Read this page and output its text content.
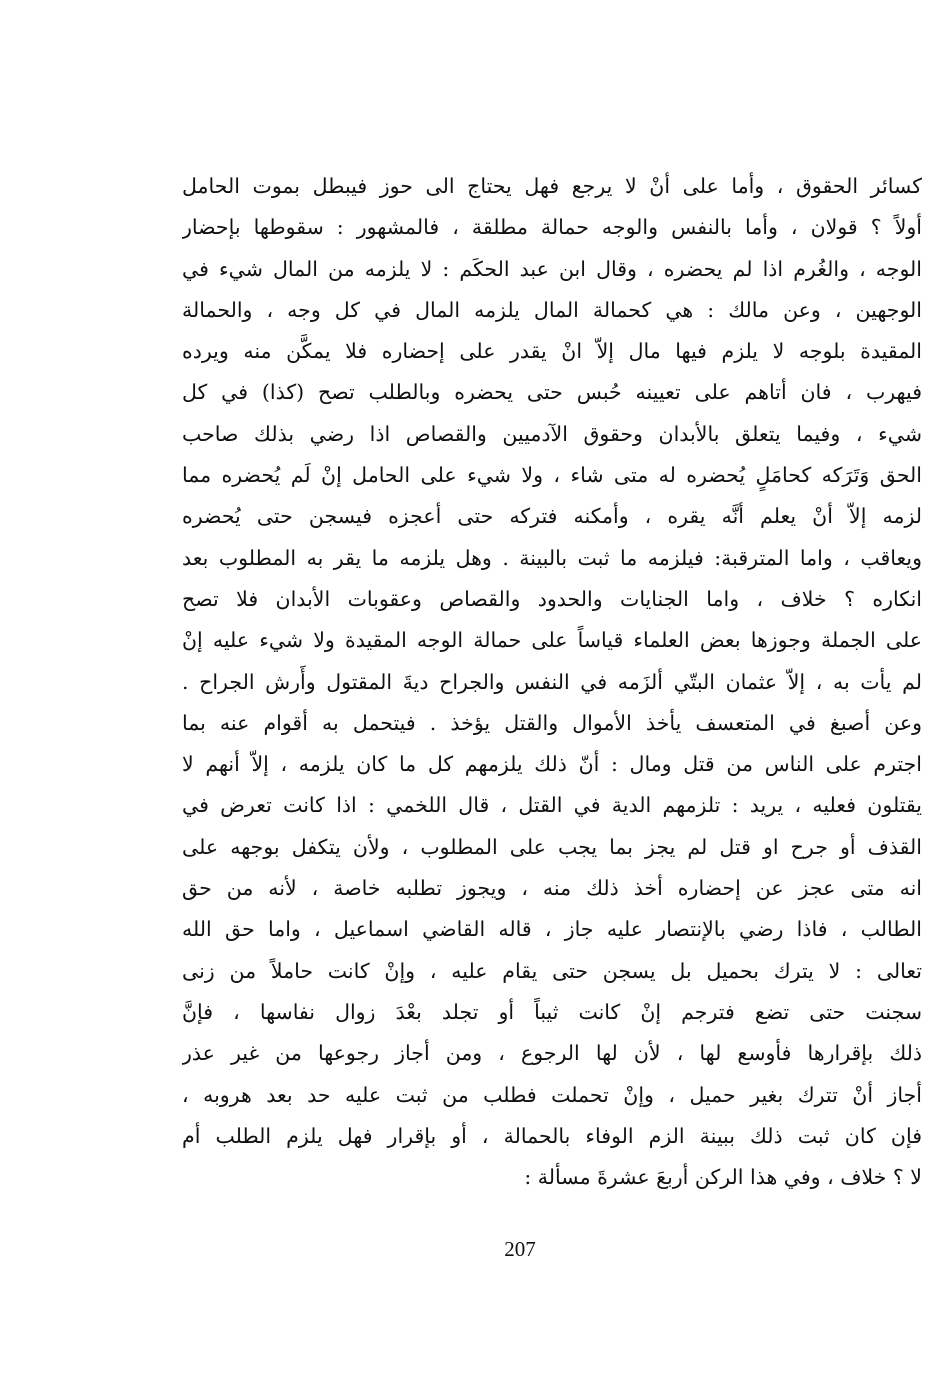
كسائر الحقوق ، وأما على أنْ لا يرجع فهل يحتاج الى حوز فيبطل بموت الحامل
أولاً ؟ قولان ، وأما بالنفس والوجه حمالة مطلقة ، فالمشهور : سقوطها بإحضار
الوجه ، والغُرم اذا لم يحضره ، وقال ابن عبد الحكَم : لا يلزمه من المال شيء في
الوجهين ، وعن مالك : هي كحمالة المال يلزمه المال في كل وجه ، والحمالة
المقيدة بلوجه لا يلزم فيها مال إلاّ انْ يقدر على إحضاره فلا يمكَّن منه ويرده
فيهرب ، فان أتاهم على تعيينه حُبس حتى يحضره وبالطلب تصح (كذا) في كل
شيء ، وفيما يتعلق بالأبدان وحقوق الآدميين والقصاص اذا رضي بذلك صاحب
الحق وَتَرَكه كحامَلٍ يُحضره له متى شاء ، ولا شيء على الحامل إنْ لَم يُحضره مما
لزمه إلاّ أنْ يعلم أنَّه يقره ، وأمكنه فتركه حتى أعجزه فيسجن حتى يُحضره
ويعاقب ، واما المترقبة: فيلزمه ما ثبت بالبينة . وهل يلزمه ما يقر به المطلوب بعد
انكاره ؟ خلاف ، واما الجنايات والحدود والقصاص وعقوبات الأبدان فلا تصح
على الجملة وجوزها بعض العلماء قياساً على حمالة الوجه المقيدة ولا شيء عليه إنْ
لم يأت به ، إلاّ عثمان البتّي ألزَمه في النفس والجراح ديةَ المقتول وأَرش الجراح .
وعن أصبغ في المتعسف يأخذ الأموال والقتل يؤخذ . فيتحمل به أقوام عنه بما
اجترم على الناس من قتل ومال : أنّ ذلك يلزمهم كل ما كان يلزمه ، إلاّ أنهم لا
يقتلون فعليه ، يريد : تلزمهم الدية في القتل ، قال اللخمي : اذا كانت تعرض في
القذف أو جرح او قتل لم يجز بما يجب على المطلوب ، ولأن يتكفل بوجهه على
انه متى عجز عن إحضاره أخذ ذلك منه ، ويجوز تطلبه خاصة ، لأنه من حق
الطالب ، فاذا رضي بالإنتصار عليه جاز ، قاله القاضي اسماعيل ، واما حق الله
تعالى : لا يترك بحميل بل يسجن حتى يقام عليه ، وإنْ كانت حاملاً من زنى
سجنت حتى تضع فترجم إنْ كانت ثيباً أو تجلد بعْدَ زوال نفاسها ، فإنَّ
ذلك بإقرارها فأوسع لها ، لأن لها الرجوع ، ومن أجاز رجوعها من غير عذر
أجاز أنْ تترك بغير حميل ، وإنْ تحملت فطلب من ثبت عليه حد بعد هروبه ،
فإن كان ثبت ذلك ببينة الزم الوفاء بالحمالة ، أو بإقرار فهل يلزم الطلب أم
لا ؟ خلاف ، وفي هذا الركن أربعَ عشرةَ مسألة :
207
